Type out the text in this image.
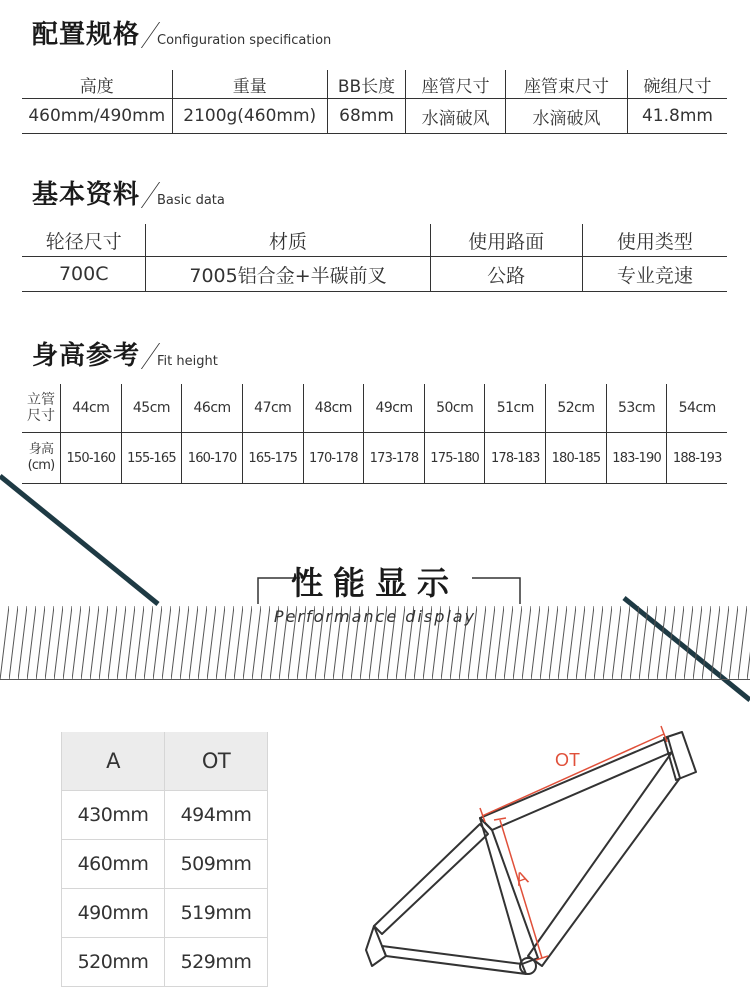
配置规格 Configuration specification
高度	重量	BB长度	座管尺寸	座管束尺寸	碗组尺寸
460mm/490mm	2100g(460mm)	68mm	水滴破风	水滴破风	41.8mm
基本资料 Basic data
轮径尺寸	材质	使用路面	使用类型
700C	7005铝合金+半碳前叉	公路	专业竞速
身高参考 Fit height
立管
尺寸	44cm	45cm	46cm	47cm	48cm	49cm	50cm	51cm	52cm	53cm	54cm
身高
(cm)	150-160	155-165	160-170	165-175	170-178	173-178	175-180	178-183	180-185	183-190	188-193
性能显示
Performance display
A	OT
430mm	494mm
460mm	509mm
490mm	519mm
520mm	529mm
OT
A
